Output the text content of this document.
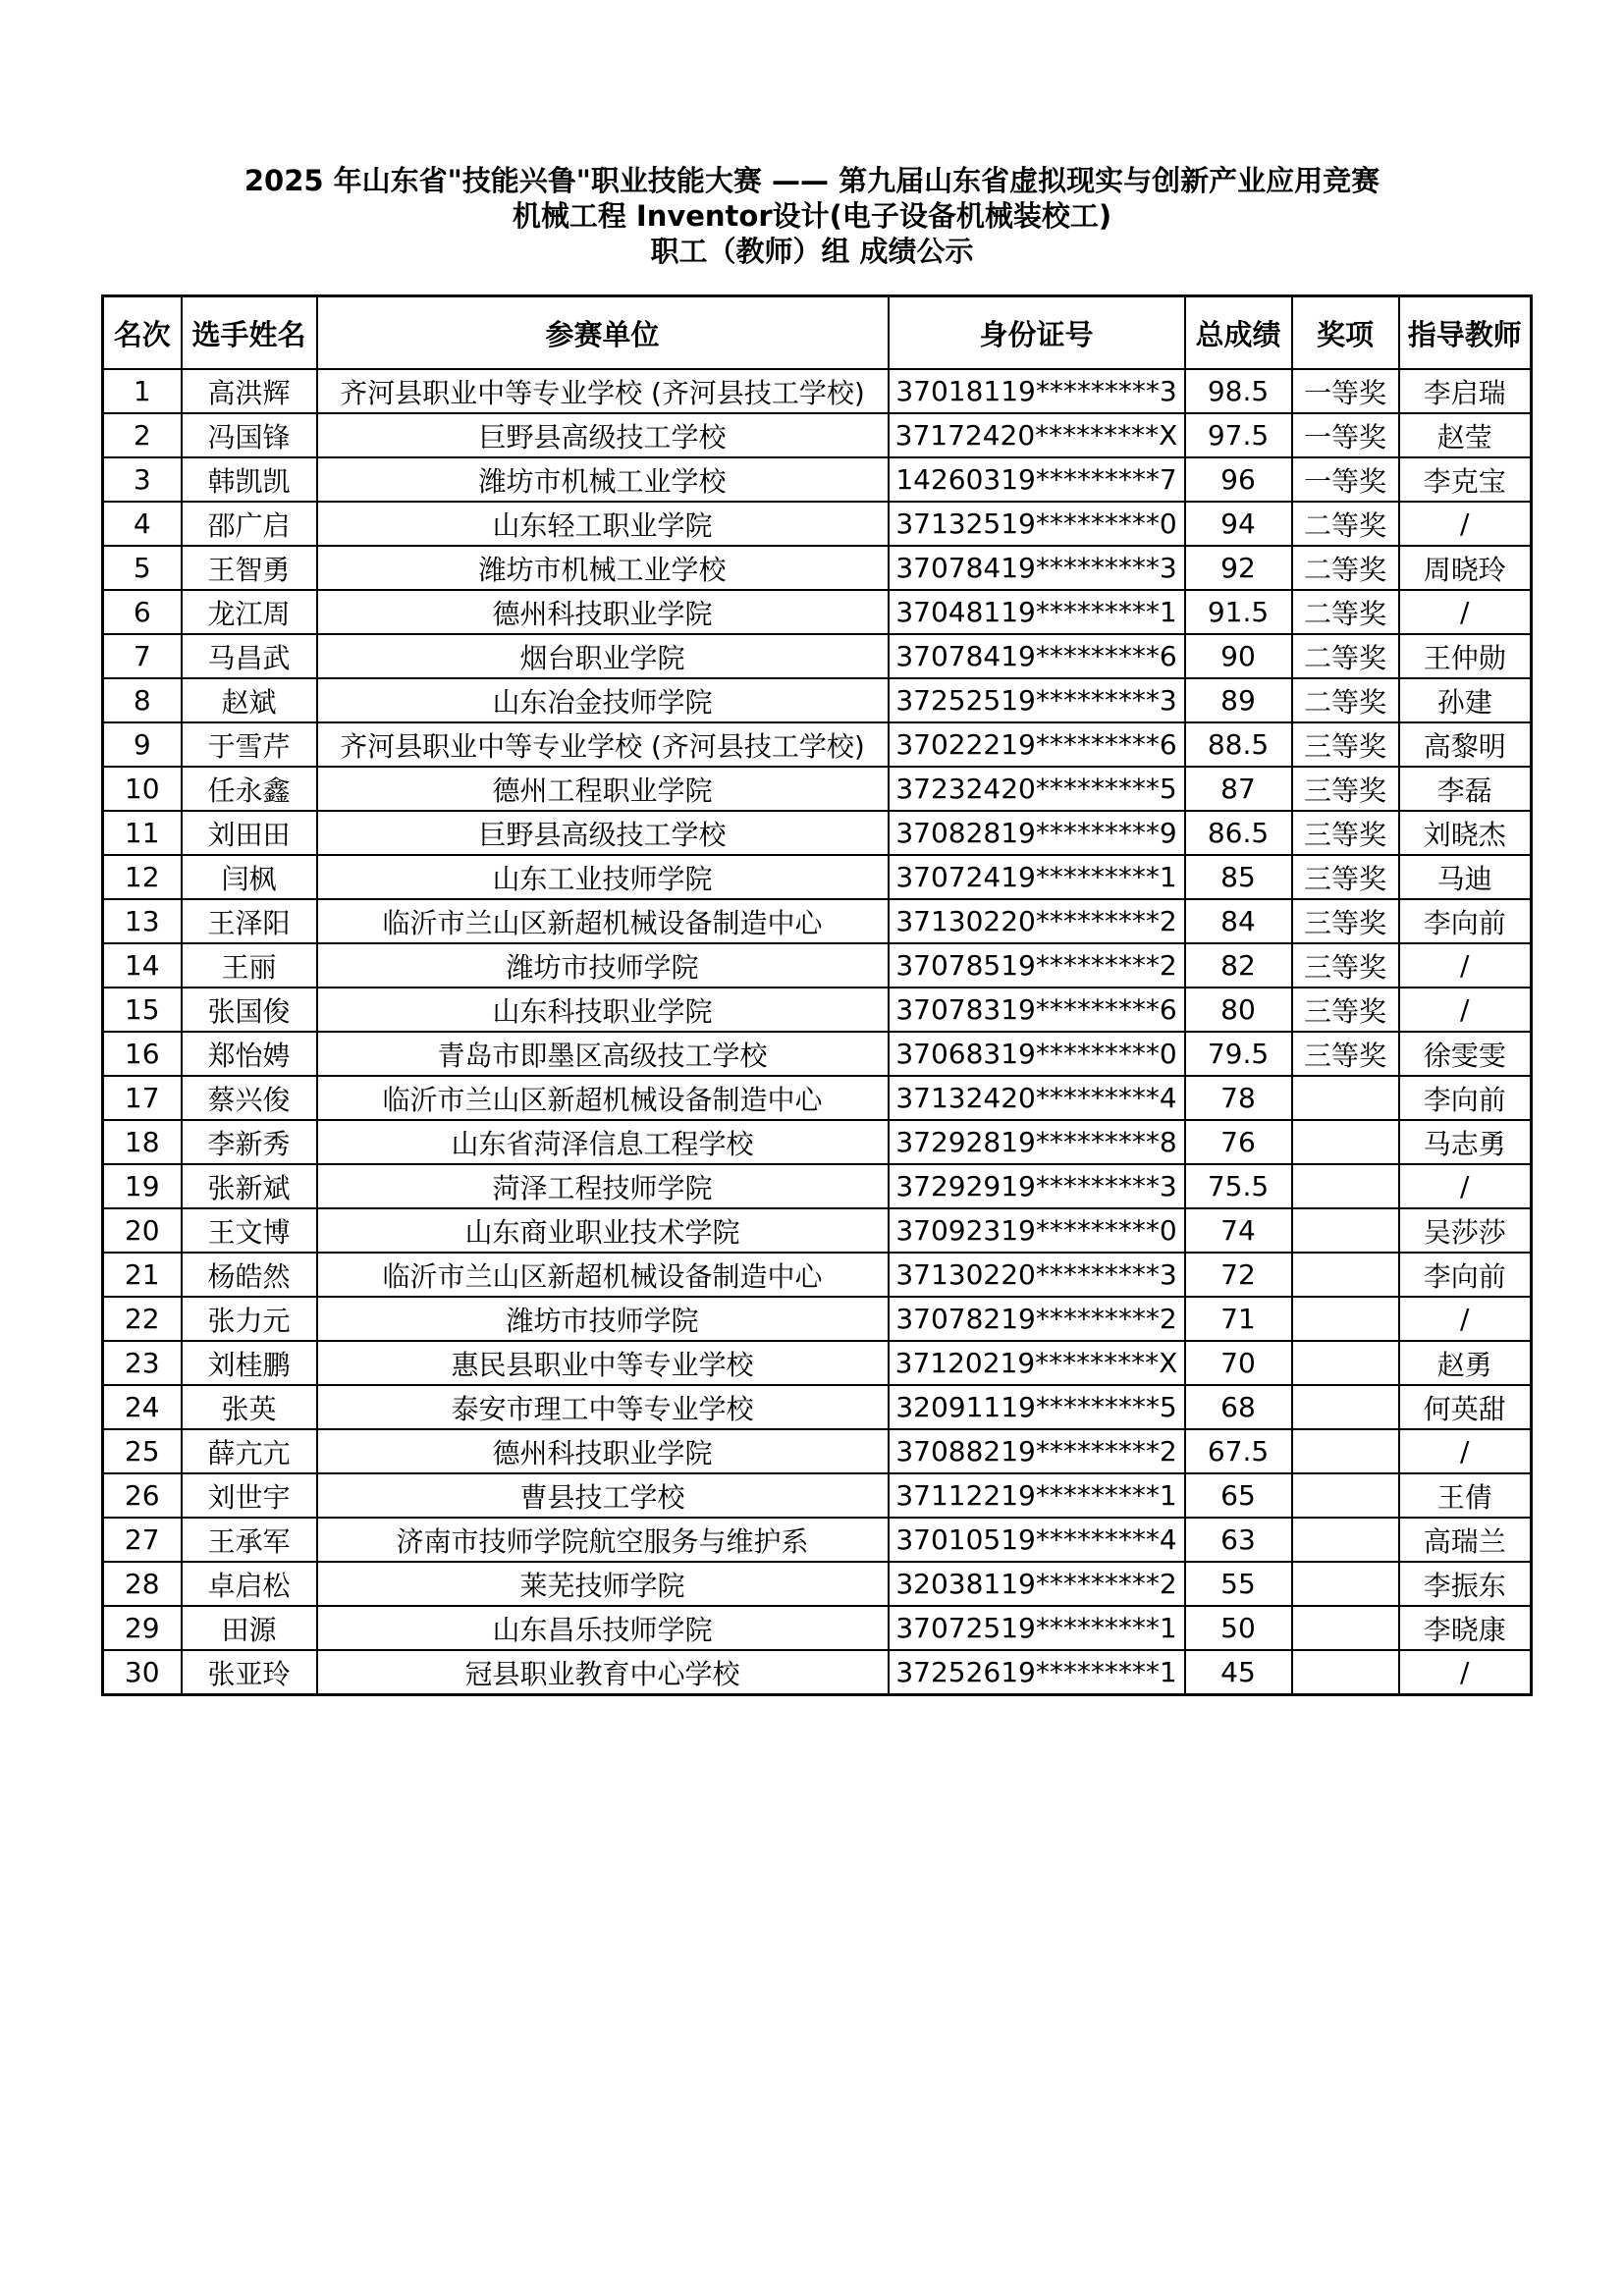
2025 年山东省"技能兴鲁"职业技能大赛 —— 第九届山东省虚拟现实与创新产业应用竞赛
机械工程 Inventor设计(电子设备机械装校工)
职工（教师）组 成绩公示
名次	选手姓名	参赛单位	身份证号	总成绩	奖项	指导教师
1	高洪辉	齐河县职业中等专业学校 (齐河县技工学校)	37018119*********3	98.5	一等奖	李启瑞
2	冯国锋	巨野县高级技工学校	37172420*********X	97.5	一等奖	赵莹
3	韩凯凯	潍坊市机械工业学校	14260319*********7	96	一等奖	李克宝
4	邵广启	山东轻工职业学院	37132519*********0	94	二等奖	/
5	王智勇	潍坊市机械工业学校	37078419*********3	92	二等奖	周晓玲
6	龙江周	德州科技职业学院	37048119*********1	91.5	二等奖	/
7	马昌武	烟台职业学院	37078419*********6	90	二等奖	王仲勋
8	赵斌	山东冶金技师学院	37252519*********3	89	二等奖	孙建
9	于雪芹	齐河县职业中等专业学校 (齐河县技工学校)	37022219*********6	88.5	三等奖	高黎明
10	任永鑫	德州工程职业学院	37232420*********5	87	三等奖	李磊
11	刘田田	巨野县高级技工学校	37082819*********9	86.5	三等奖	刘晓杰
12	闫枫	山东工业技师学院	37072419*********1	85	三等奖	马迪
13	王泽阳	临沂市兰山区新超机械设备制造中心	37130220*********2	84	三等奖	李向前
14	王丽	潍坊市技师学院	37078519*********2	82	三等奖	/
15	张国俊	山东科技职业学院	37078319*********6	80	三等奖	/
16	郑怡娉	青岛市即墨区高级技工学校	37068319*********0	79.5	三等奖	徐雯雯
17	蔡兴俊	临沂市兰山区新超机械设备制造中心	37132420*********4	78		李向前
18	李新秀	山东省菏泽信息工程学校	37292819*********8	76		马志勇
19	张新斌	菏泽工程技师学院	37292919*********3	75.5		/
20	王文博	山东商业职业技术学院	37092319*********0	74		吴莎莎
21	杨皓然	临沂市兰山区新超机械设备制造中心	37130220*********3	72		李向前
22	张力元	潍坊市技师学院	37078219*********2	71		/
23	刘桂鹏	惠民县职业中等专业学校	37120219*********X	70		赵勇
24	张英	泰安市理工中等专业学校	32091119*********5	68		何英甜
25	薛亢亢	德州科技职业学院	37088219*********2	67.5		/
26	刘世宇	曹县技工学校	37112219*********1	65		王倩
27	王承军	济南市技师学院航空服务与维护系	37010519*********4	63		高瑞兰
28	卓启松	莱芜技师学院	32038119*********2	55		李振东
29	田源	山东昌乐技师学院	37072519*********1	50		李晓康
30	张亚玲	冠县职业教育中心学校	37252619*********1	45		/
